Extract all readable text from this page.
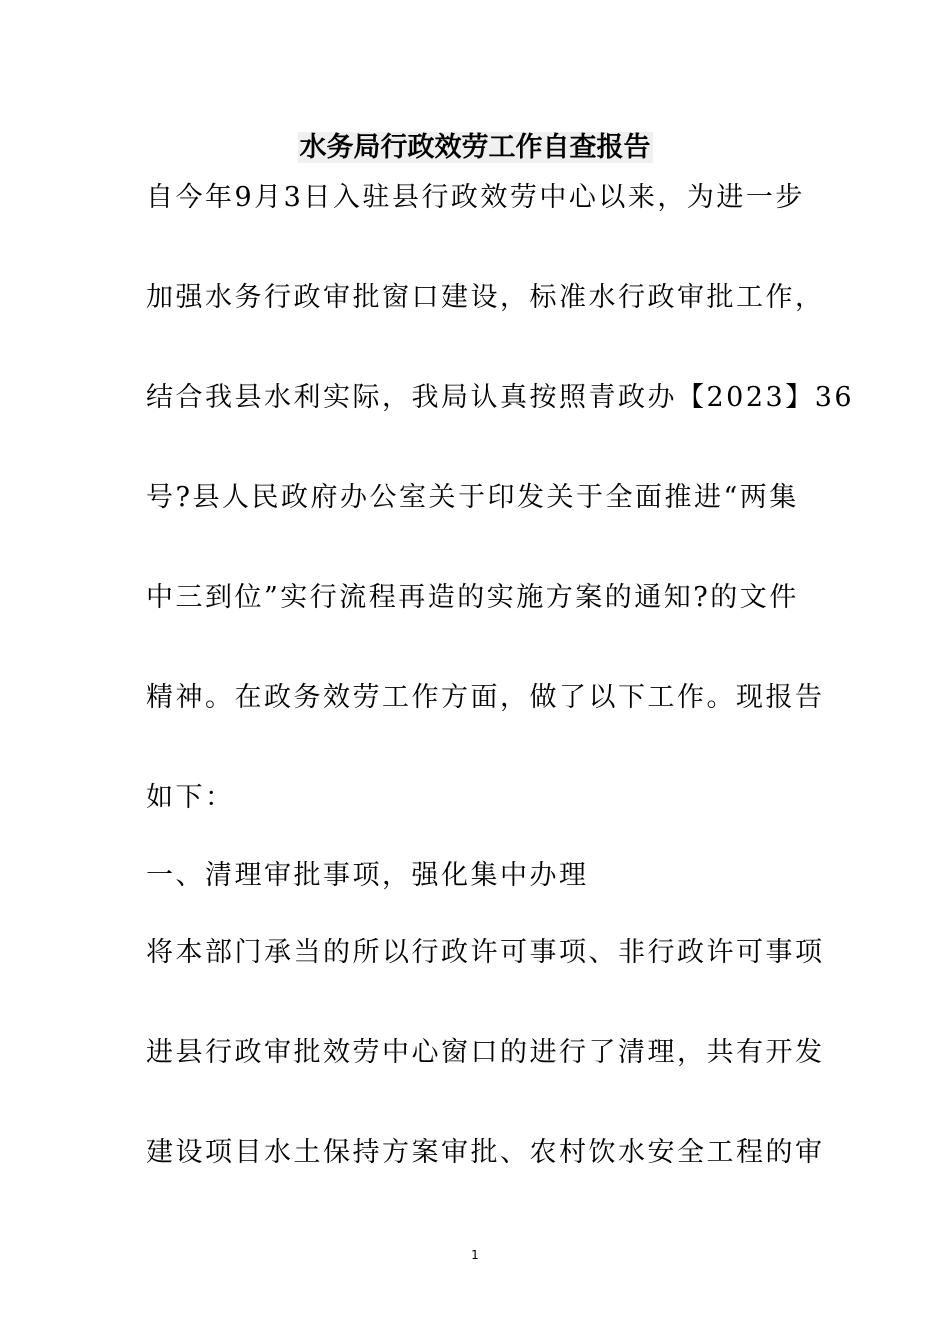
水务局行政效劳工作自查报告
自今年9月3日入驻县行政效劳中心以来，为进一步
加强水务行政审批窗口建设，标准水行政审批工作，
结合我县水利实际，我局认真按照青政办【2023】36
号?县人民政府办公室关于印发关于全面推进“两集
中三到位”实行流程再造的实施方案的通知?的文件
精神。在政务效劳工作方面，做了以下工作。现报告
如下：
一、清理审批事项，强化集中办理
将本部门承当的所以行政许可事项、非行政许可事项
进县行政审批效劳中心窗口的进行了清理，共有开发
建设项目水土保持方案审批、农村饮水安全工程的审
1
